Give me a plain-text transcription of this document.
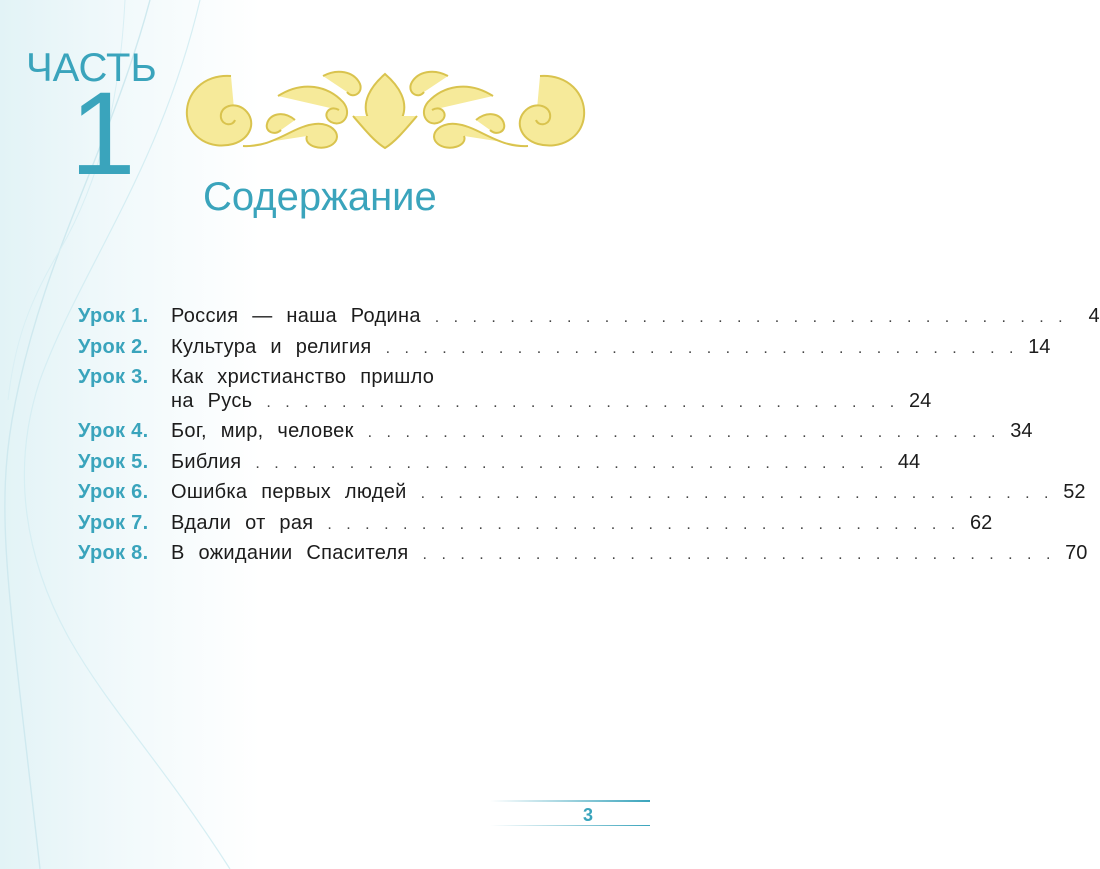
ЧАСТЬ
1 Содержание
Урок 1.	Россия — наша Родина . . . . . . . . . . . . . . . . . . . . . . . . . . . . . . . . . .	4
Урок 2.	Культура и религия . . . . . . . . . . . . . . . . . . . . . . . . . . . . . . . . . . 14
Урок 3.	Как христианство пришло
на Русь . . . . . . . . . . . . . . . . . . . . . . . . . . . . . . . . . . 24
Урок 4.	Бог, мир, человек . . . . . . . . . . . . . . . . . . . . . . . . . . . . . . . . . . 34
Урок 5.	Библия . . . . . . . . . . . . . . . . . . . . . . . . . . . . . . . . . . 44
Урок 6.	Ошибка первых людей . . . . . . . . . . . . . . . . . . . . . . . . . . . . . . . . . . 52
Урок 7.	Вдали от рая . . . . . . . . . . . . . . . . . . . . . . . . . . . . . . . . . . 62
Урок 8.	В ожидании Спасителя . . . . . . . . . . . . . . . . . . . . . . . . . . . . . . . . . . 70
3
